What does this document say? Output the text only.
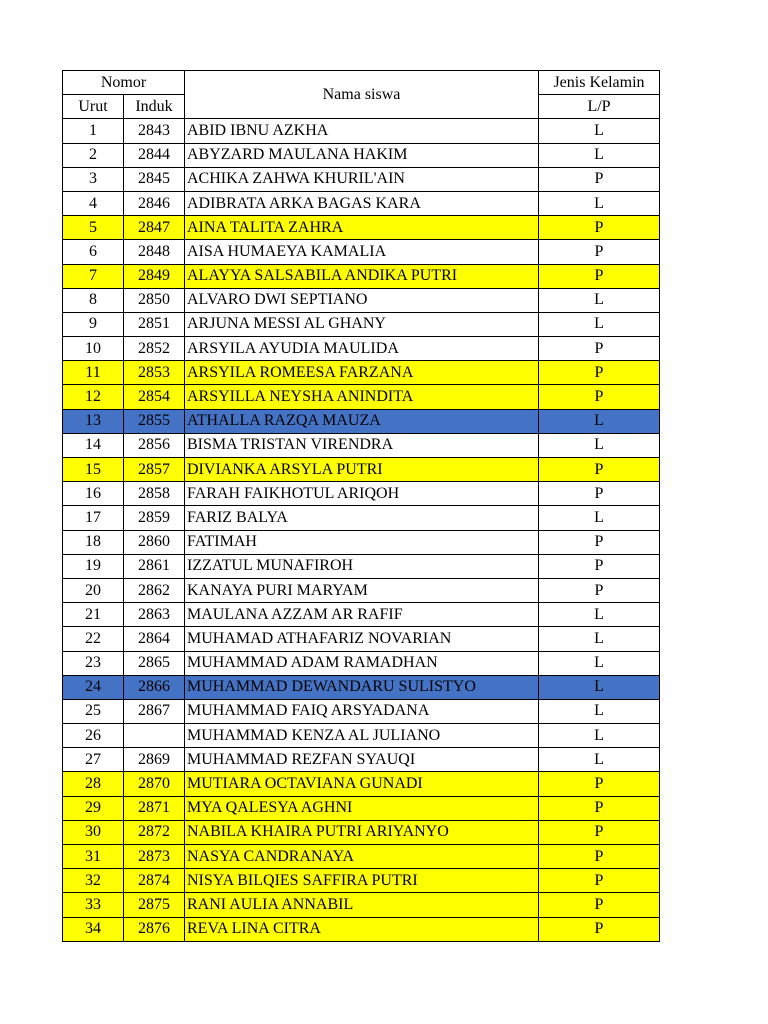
Nomor		Nama siswa	Jenis Kelamin
Urut	Induk		L/P
1	2843	ABID IBNU AZKHA	L
2	2844	ABYZARD MAULANA HAKIM	L
3	2845	ACHIKA ZAHWA KHURIL'AIN	P
4	2846	ADIBRATA ARKA BAGAS KARA	L
5	2847	AINA TALITA ZAHRA	P
6	2848	AISA HUMAEYA KAMALIA	P
7	2849	ALAYYA SALSABILA ANDIKA PUTRI	P
8	2850	ALVARO DWI SEPTIANO	L
9	2851	ARJUNA MESSI AL GHANY	L
10	2852	ARSYILA AYUDIA MAULIDA	P
11	2853	ARSYILA ROMEESA FARZANA	P
12	2854	ARSYILLA NEYSHA ANINDITA	P
13	2855	ATHALLA RAZQA MAUZA	L
14	2856	BISMA TRISTAN VIRENDRA	L
15	2857	DIVIANKA ARSYLA PUTRI	P
16	2858	FARAH FAIKHOTUL ARIQOH	P
17	2859	FARIZ BALYA	L
18	2860	FATIMAH	P
19	2861	IZZATUL MUNAFIROH	P
20	2862	KANAYA PURI MARYAM	P
21	2863	MAULANA AZZAM AR RAFIF	L
22	2864	MUHAMAD ATHAFARIZ NOVARIAN	L
23	2865	MUHAMMAD ADAM RAMADHAN	L
24	2866	MUHAMMAD DEWANDARU SULISTYO	L
25	2867	MUHAMMAD FAIQ ARSYADANA	L
26		MUHAMMAD KENZA AL JULIANO	L
27	2869	MUHAMMAD REZFAN SYAUQI	L
28	2870	MUTIARA OCTAVIANA GUNADI	P
29	2871	MYA QALESYA AGHNI	P
30	2872	NABILA KHAIRA PUTRI ARIYANYO	P
31	2873	NASYA CANDRANAYA	P
32	2874	NISYA BILQIES SAFFIRA PUTRI	P
33	2875	RANI AULIA ANNABIL	P
34	2876	REVA LINA CITRA	P
